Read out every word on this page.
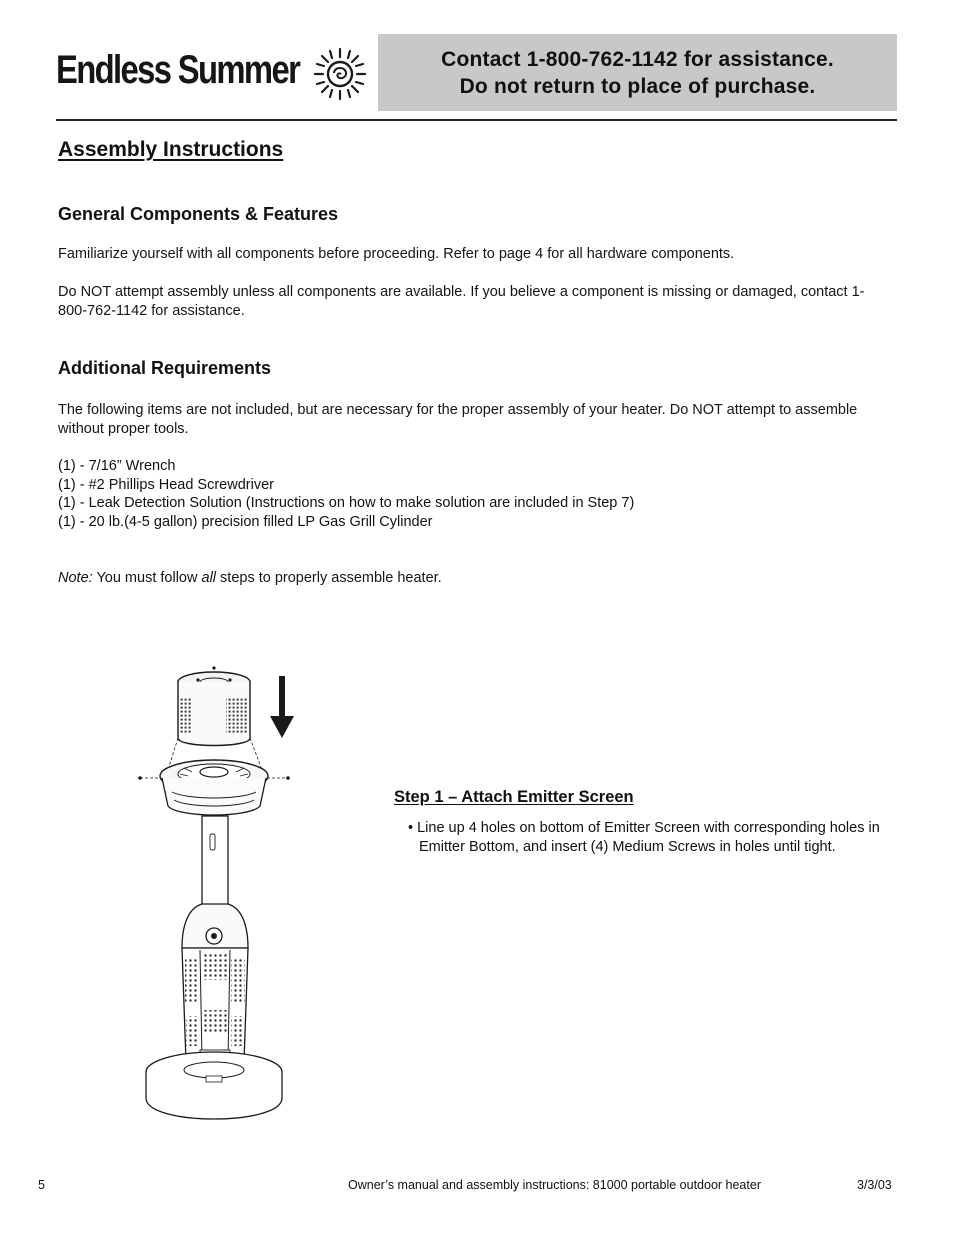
Endless Summer	Contact 1-800-762-1142 for assistance.
Do not return to place of purchase.
Assembly Instructions
General Components & Features
Familiarize yourself with all components before proceeding. Refer to page 4 for all hardware components.
Do NOT attempt assembly unless all components are available. If you believe a component is missing or damaged, contact 1-800-762-1142 for assistance.
Additional Requirements
The following items are not included, but are necessary for the proper assembly of your heater. Do NOT attempt to assemble without proper tools.
(1) - 7/16” Wrench
(1) - #2 Phillips Head Screwdriver
(1) - Leak Detection Solution (Instructions on how to make solution are included in Step 7)
(1) - 20 lb.(4-5 gallon) precision filled LP Gas Grill Cylinder
Note: You must follow all steps to properly assemble heater.
Step 1 – Attach Emitter Screen
• Line up 4 holes on bottom of Emitter Screen with corresponding holes in Emitter Bottom, and insert (4) Medium Screws in holes until tight.
5	Owner’s manual and assembly instructions: 81000 portable outdoor heater	3/3/03
